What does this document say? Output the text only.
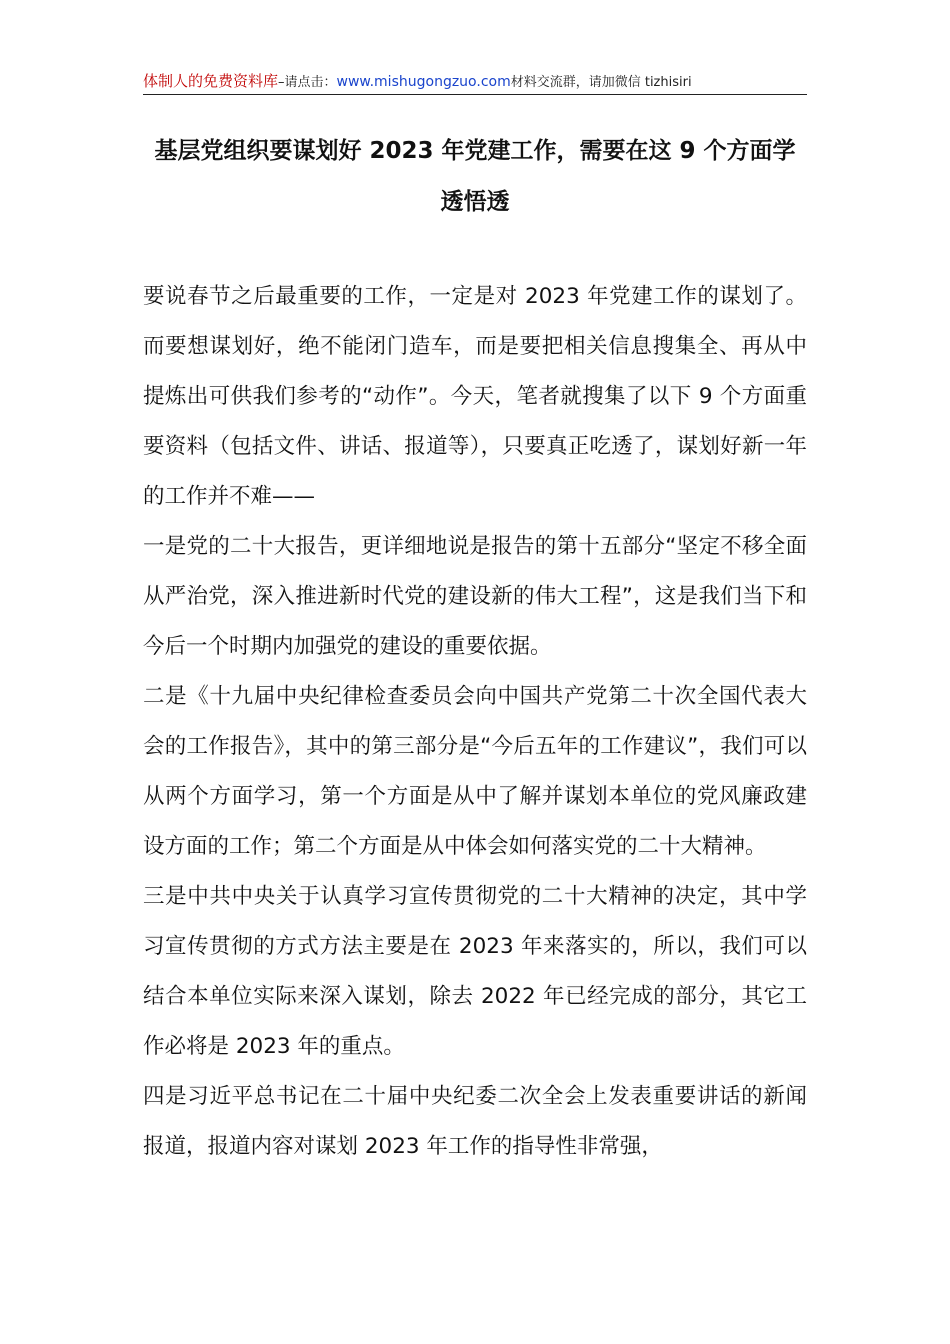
体制人的免费资料库–请点击：www.mishugongzuo.com材料交流群，请加微信 tizhisiri
基层党组织要谋划好 2023 年党建工作，需要在这 9 个方面学透悟透

要说春节之后最重要的工作，一定是对 2023 年党建工作的谋划了。而要想谋划好，绝不能闭门造车，而是要把相关信息搜集全、再从中提炼出可供我们参考的“动作”。今天，笔者就搜集了以下 9 个方面重要资料（包括文件、讲话、报道等），只要真正吃透了，谋划好新一年的工作并不难——

一是党的二十大报告，更详细地说是报告的第十五部分“坚定不移全面从严治党，深入推进新时代党的建设新的伟大工程”，这是我们当下和今后一个时期内加强党的建设的重要依据。

二是《十九届中央纪律检查委员会向中国共产党第二十次全国代表大会的工作报告》，其中的第三部分是“今后五年的工作建议”，我们可以从两个方面学习，第一个方面是从中了解并谋划本单位的党风廉政建设方面的工作；第二个方面是从中体会如何落实党的二十大精神。

三是中共中央关于认真学习宣传贯彻党的二十大精神的决定，其中学习宣传贯彻的方式方法主要是在 2023 年来落实的，所以，我们可以结合本单位实际来深入谋划，除去 2022 年已经完成的部分，其它工作必将是 2023 年的重点。

四是习近平总书记在二十届中央纪委二次全会上发表重要讲话的新闻报道，报道内容对谋划 2023 年工作的指导性非常强，
